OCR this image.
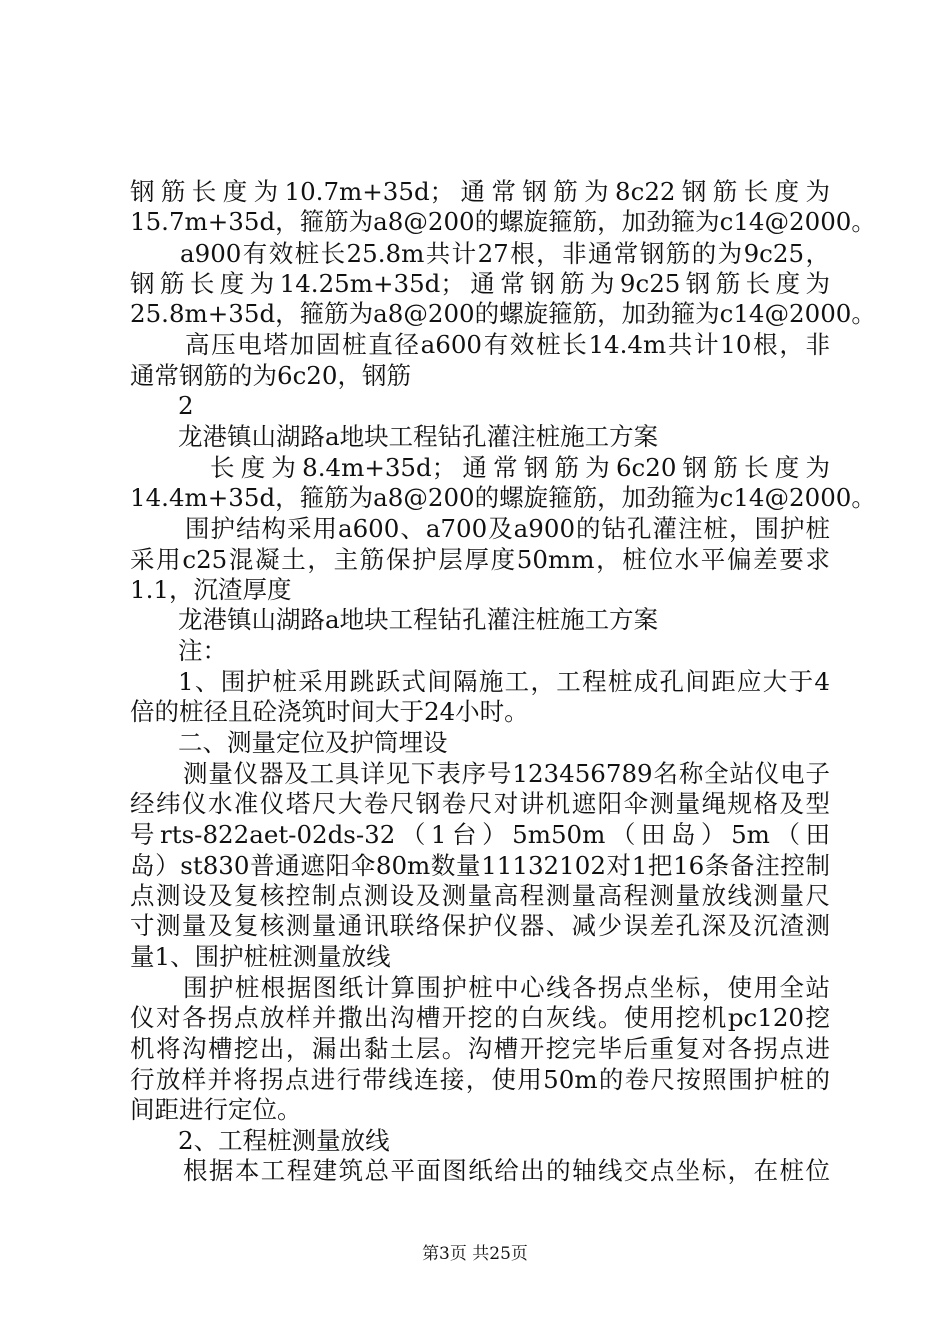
钢筋长度为10.7m+35d；通常钢筋为8c22钢筋长度为
15.7m+35d，箍筋为a8@200的螺旋箍筋，加劲箍为c14@2000。
a900有效桩长25.8m共计27根，非通常钢筋的为9c25，
钢筋长度为14.25m+35d；通常钢筋为9c25钢筋长度为
25.8m+35d，箍筋为a8@200的螺旋箍筋，加劲箍为c14@2000。
高压电塔加固桩直径a600有效桩长14.4m共计10根，非
通常钢筋的为6c20，钢筋
2
龙港镇山湖路a地块工程钻孔灌注桩施工方案
长度为8.4m+35d；通常钢筋为6c20钢筋长度为
14.4m+35d，箍筋为a8@200的螺旋箍筋，加劲箍为c14@2000。
围护结构采用a600、a700及a900的钻孔灌注桩，围护桩
采用c25混凝土，主筋保护层厚度50mm，桩位水平偏差要求
1.1，沉渣厚度
龙港镇山湖路a地块工程钻孔灌注桩施工方案
注：
1、围护桩采用跳跃式间隔施工，工程桩成孔间距应大于4
倍的桩径且砼浇筑时间大于24小时。
二、测量定位及护筒埋设
测量仪器及工具详见下表序号123456789名称全站仪电子
经纬仪水准仪塔尺大卷尺钢卷尺对讲机遮阳伞测量绳规格及型
号rts-822aet-02ds-32（1台）5m50m（田岛）5m（田
岛）st830普通遮阳伞80m数量11132102对1把16条备注控制
点测设及复核控制点测设及测量高程测量高程测量放线测量尺
寸测量及复核测量通讯联络保护仪器、减少误差孔深及沉渣测
量1、围护桩桩测量放线
围护桩根据图纸计算围护桩中心线各拐点坐标，使用全站
仪对各拐点放样并撒出沟槽开挖的白灰线。使用挖机pc120挖
机将沟槽挖出，漏出黏土层。沟槽开挖完毕后重复对各拐点进
行放样并将拐点进行带线连接，使用50m的卷尺按照围护桩的
间距进行定位。
2、工程桩测量放线
根据本工程建筑总平面图纸给出的轴线交点坐标，在桩位
第3页 共25页
